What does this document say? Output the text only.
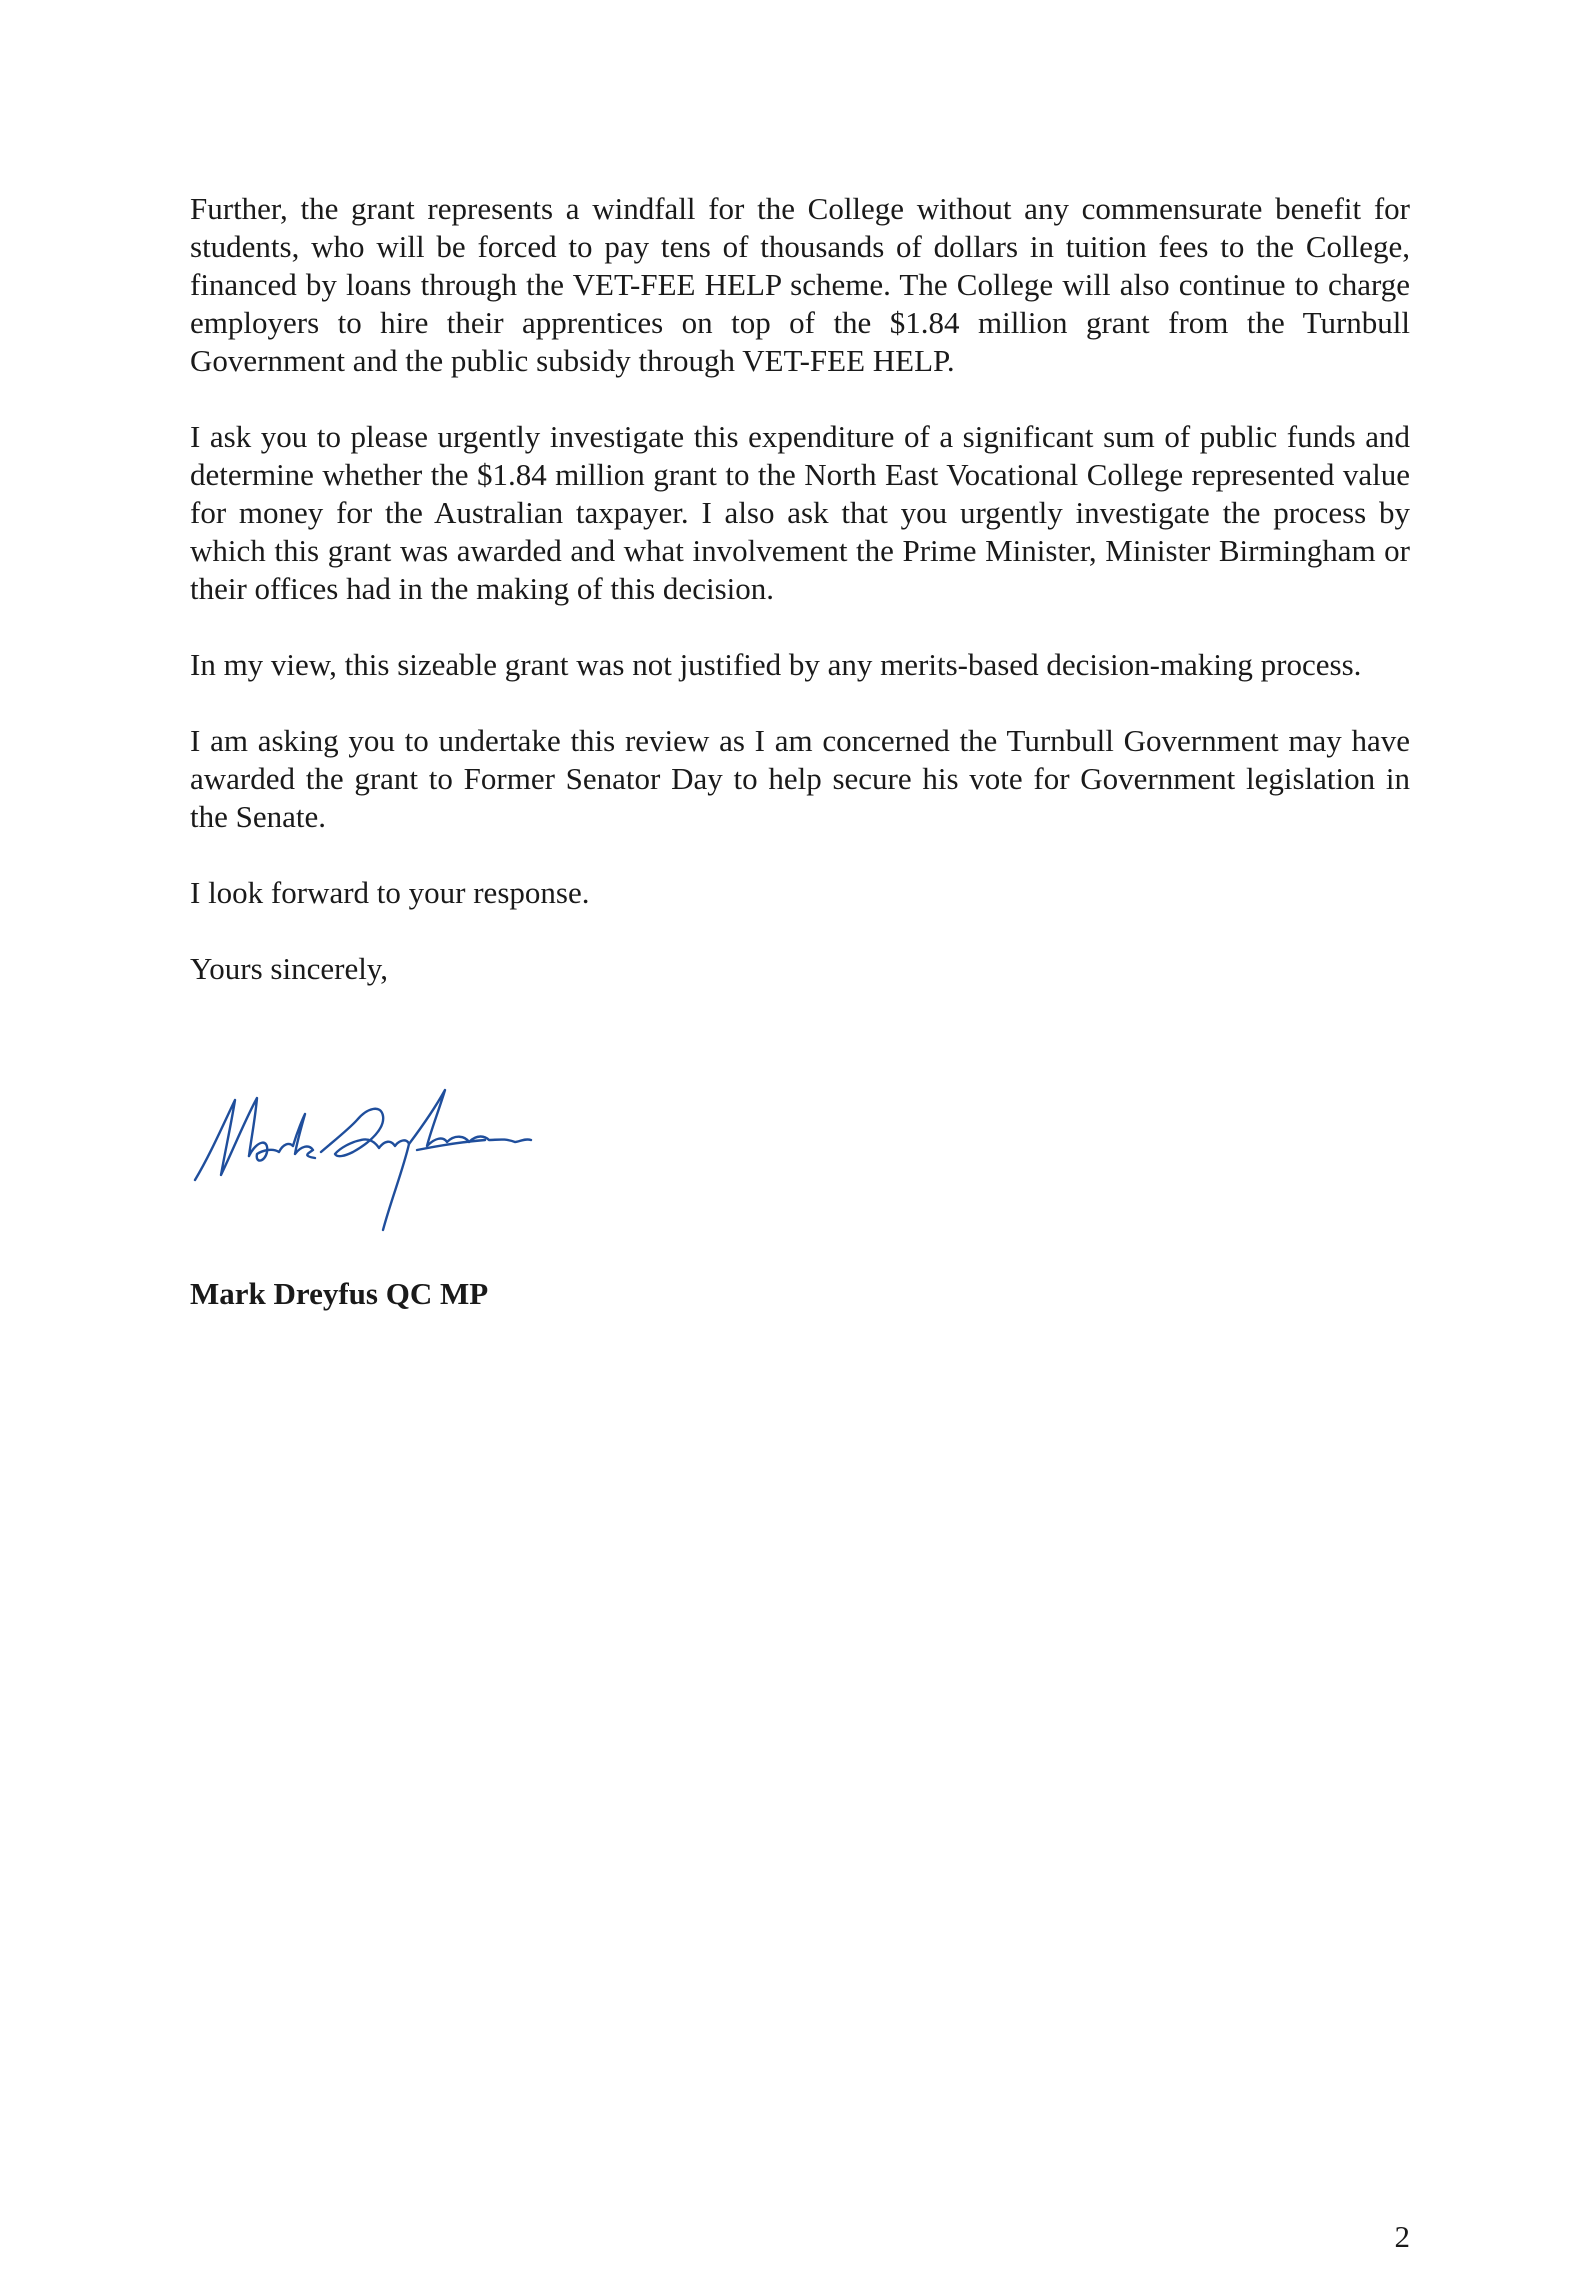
Further, the grant represents a windfall for the College without any commensurate benefit for students, who will be forced to pay tens of thousands of dollars in tuition fees to the College, financed by loans through the VET-FEE HELP scheme. The College will also continue to charge employers to hire their apprentices on top of the $1.84 million grant from the Turnbull Government and the public subsidy through VET-FEE HELP.

I ask you to please urgently investigate this expenditure of a significant sum of public funds and determine whether the $1.84 million grant to the North East Vocational College represented value for money for the Australian taxpayer. I also ask that you urgently investigate the process by which this grant was awarded and what involvement the Prime Minister, Minister Birmingham or their offices had in the making of this decision.

In my view, this sizeable grant was not justified by any merits-based decision-making process.

I am asking you to undertake this review as I am concerned the Turnbull Government may have awarded the grant to Former Senator Day to help secure his vote for Government legislation in the Senate.

I look forward to your response.

Yours sincerely,

Mark Dreyfus QC MP
2
